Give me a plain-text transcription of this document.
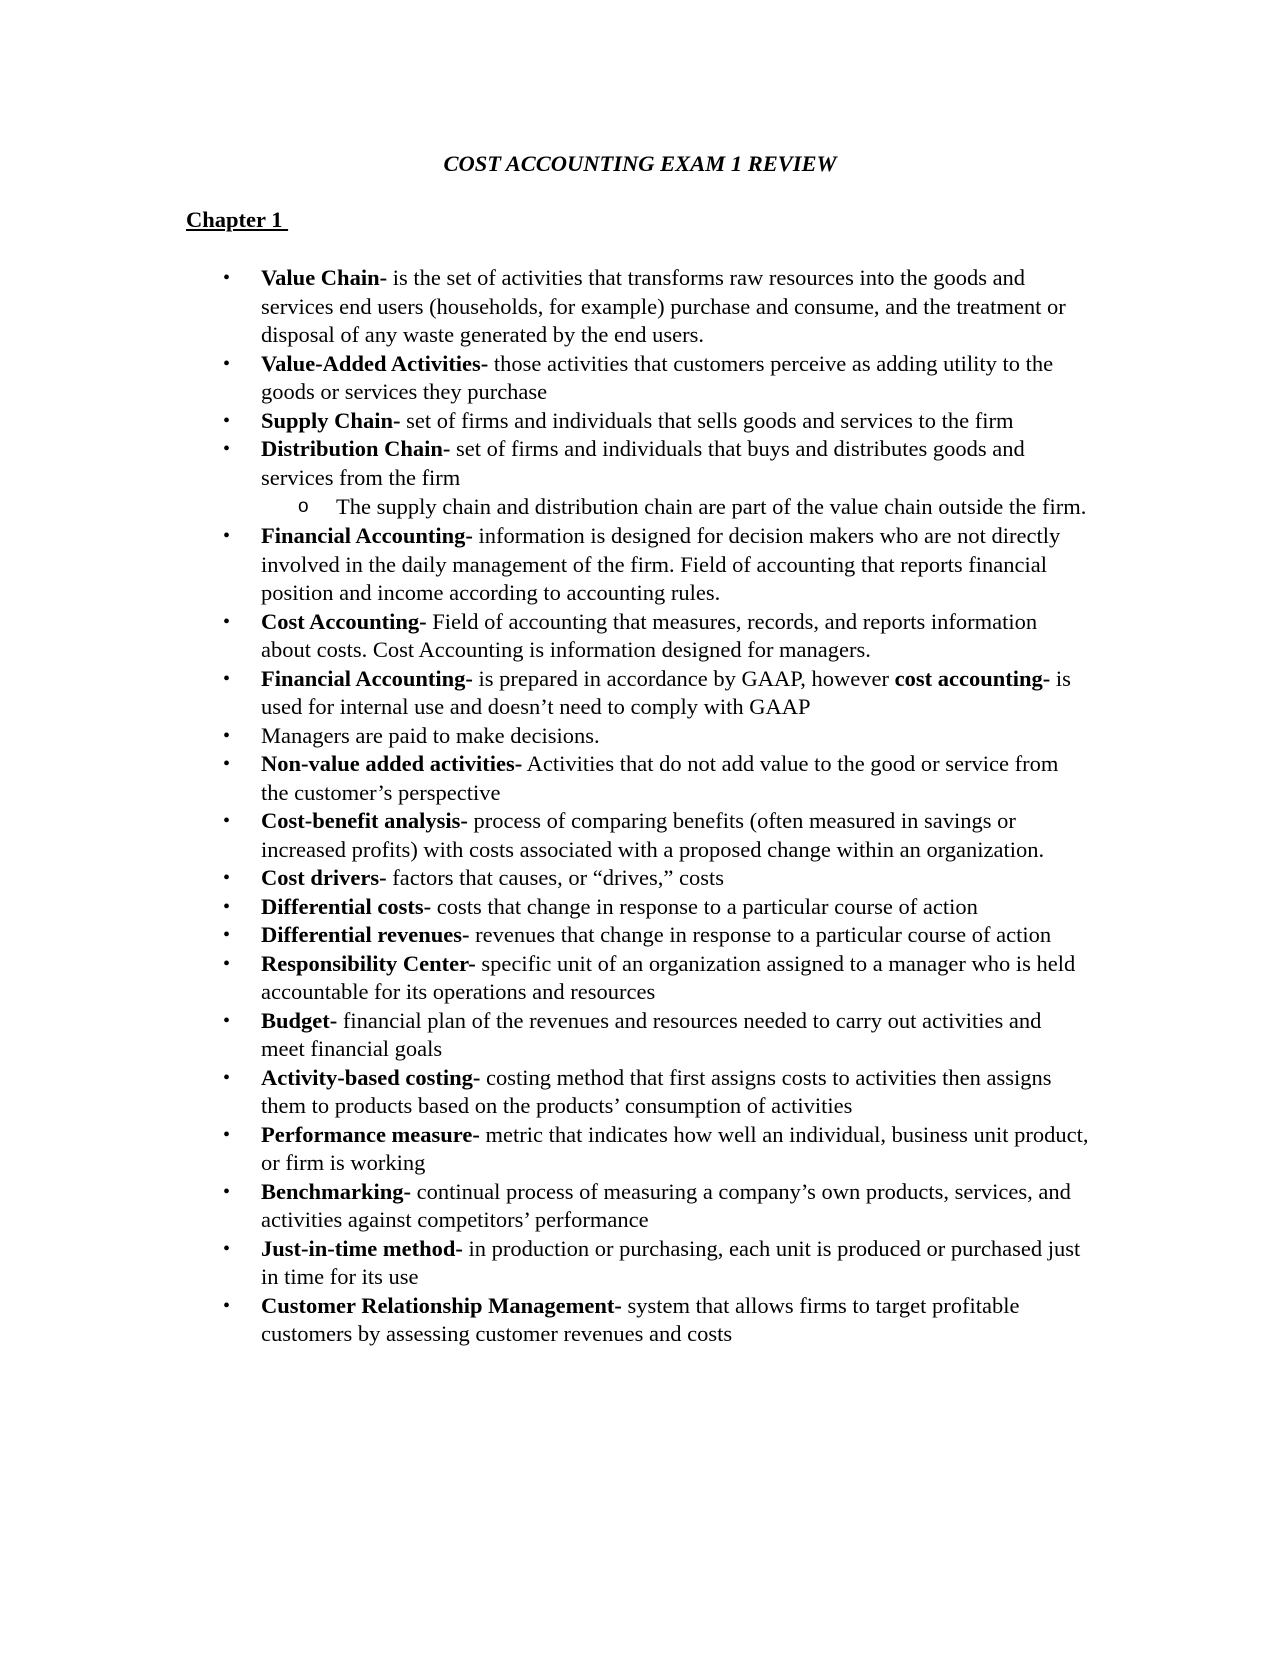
COST ACCOUNTING EXAM 1 REVIEW
Chapter 1
• Value Chain- is the set of activities that transforms raw resources into the goods and services end users (households, for example) purchase and consume, and the treatment or disposal of any waste generated by the end users.
• Value-Added Activities- those activities that customers perceive as adding utility to the goods or services they purchase
• Supply Chain- set of firms and individuals that sells goods and services to the firm
• Distribution Chain- set of firms and individuals that buys and distributes goods and services from the firm
o The supply chain and distribution chain are part of the value chain outside the firm.
• Financial Accounting- information is designed for decision makers who are not directly involved in the daily management of the firm. Field of accounting that reports financial position and income according to accounting rules.
• Cost Accounting- Field of accounting that measures, records, and reports information about costs. Cost Accounting is information designed for managers.
• Financial Accounting- is prepared in accordance by GAAP, however cost accounting- is used for internal use and doesn’t need to comply with GAAP
• Managers are paid to make decisions.
• Non-value added activities- Activities that do not add value to the good or service from the customer’s perspective
• Cost-benefit analysis- process of comparing benefits (often measured in savings or increased profits) with costs associated with a proposed change within an organization.
• Cost drivers- factors that causes, or “drives,” costs
• Differential costs- costs that change in response to a particular course of action
• Differential revenues- revenues that change in response to a particular course of action
• Responsibility Center- specific unit of an organization assigned to a manager who is held accountable for its operations and resources
• Budget- financial plan of the revenues and resources needed to carry out activities and meet financial goals
• Activity-based costing- costing method that first assigns costs to activities then assigns them to products based on the products’ consumption of activities
• Performance measure- metric that indicates how well an individual, business unit product, or firm is working
• Benchmarking- continual process of measuring a company’s own products, services, and activities against competitors’ performance
• Just-in-time method- in production or purchasing, each unit is produced or purchased just in time for its use
• Customer Relationship Management- system that allows firms to target profitable customers by assessing customer revenues and costs
